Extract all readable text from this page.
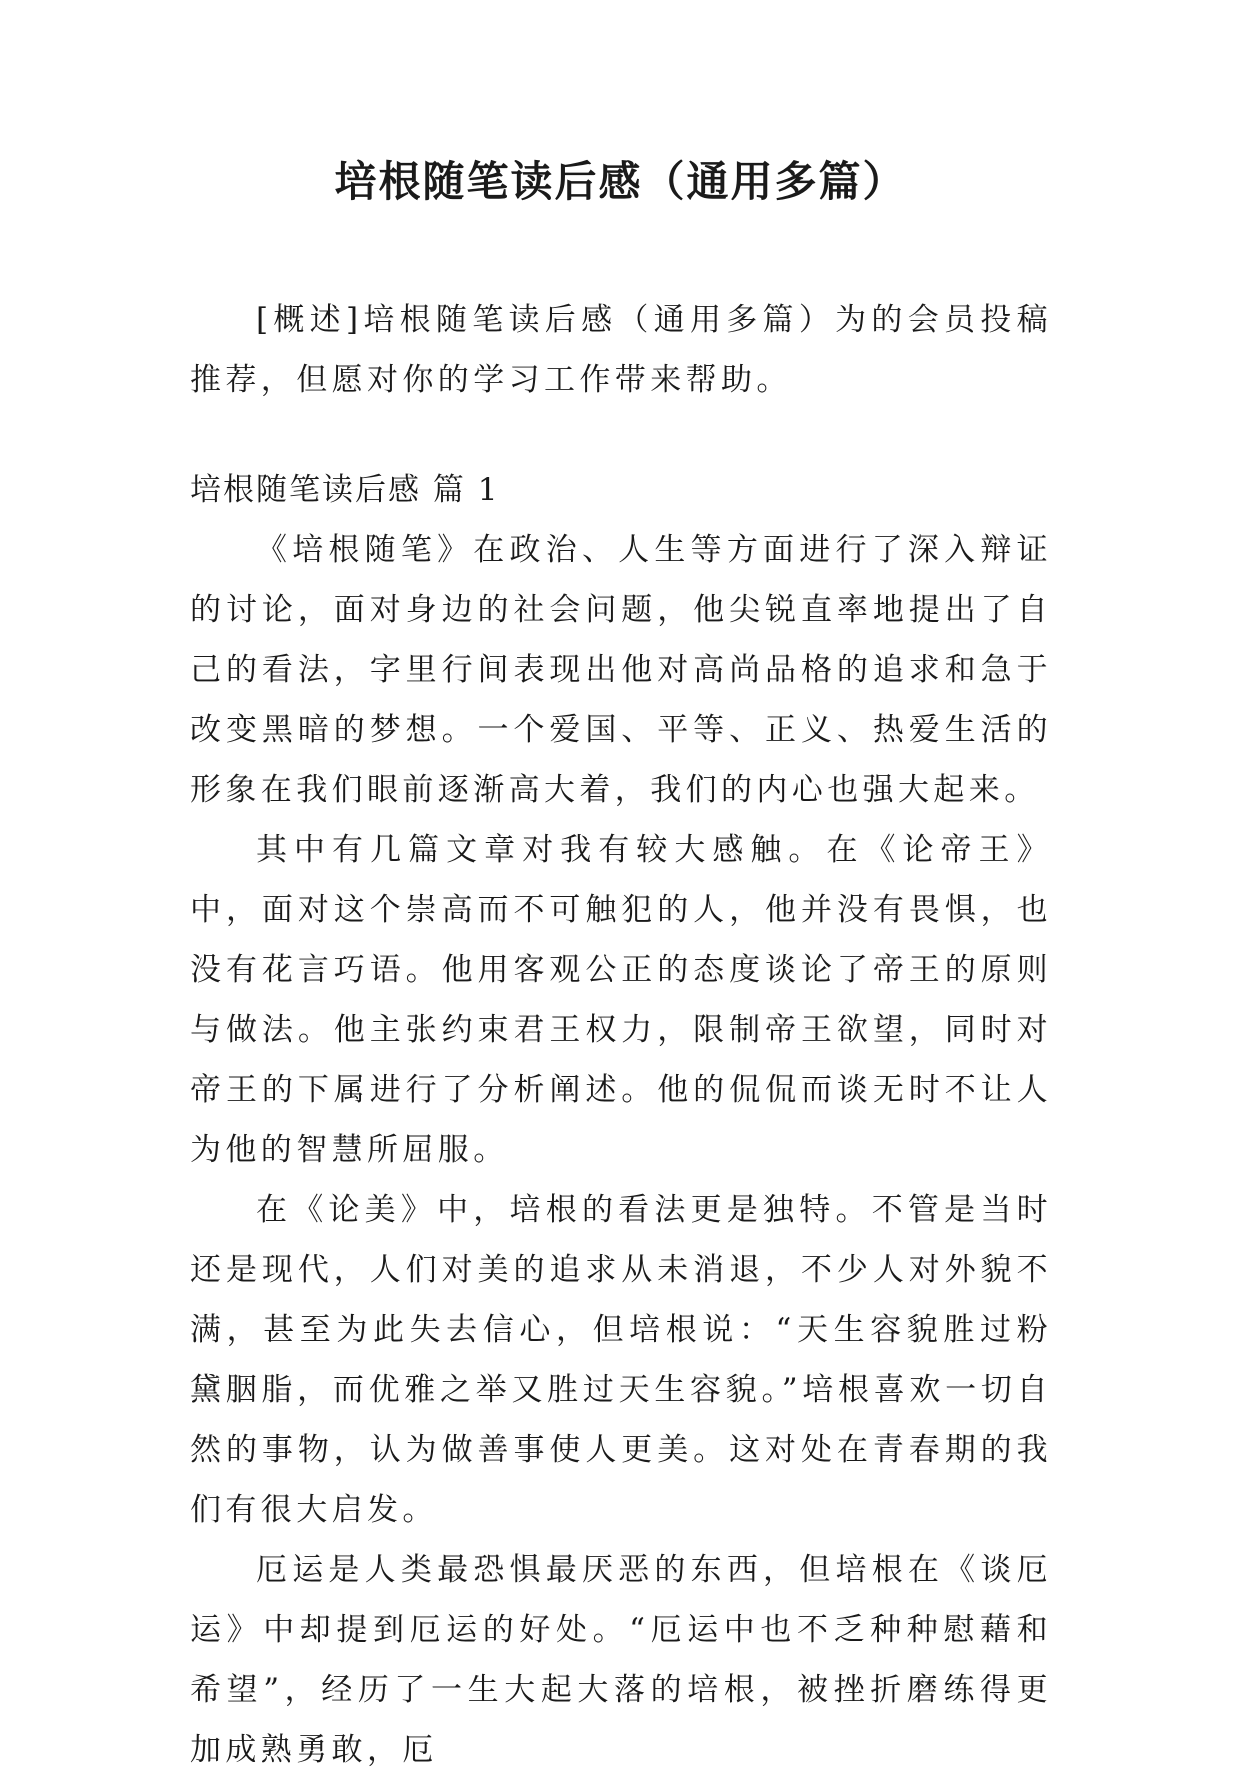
培根随笔读后感（通用多篇）

[概述]培根随笔读后感（通用多篇）为的会员投稿推荐，但愿对你的学习工作带来帮助。

培根随笔读后感 篇 1

《培根随笔》在政治、人生等方面进行了深入辩证的讨论，面对身边的社会问题，他尖锐直率地提出了自己的看法，字里行间表现出他对高尚品格的追求和急于改变黑暗的梦想。一个爱国、平等、正义、热爱生活的形象在我们眼前逐渐高大着，我们的内心也强大起来。

其中有几篇文章对我有较大感触。在《论帝王》中，面对这个崇高而不可触犯的人，他并没有畏惧，也没有花言巧语。他用客观公正的态度谈论了帝王的原则与做法。他主张约束君王权力，限制帝王欲望，同时对帝王的下属进行了分析阐述。他的侃侃而谈无时不让人为他的智慧所屈服。

在《论美》中，培根的看法更是独特。不管是当时还是现代，人们对美的追求从未消退，不少人对外貌不满，甚至为此失去信心，但培根说：“天生容貌胜过粉黛胭脂，而优雅之举又胜过天生容貌。”培根喜欢一切自然的事物，认为做善事使人更美。这对处在青春期的我们有很大启发。

厄运是人类最恐惧最厌恶的东西，但培根在《谈厄运》中却提到厄运的好处。“厄运中也不乏种种慰藉和希望”，经历了一生大起大落的培根，被挫折磨练得更加成熟勇敢，厄
